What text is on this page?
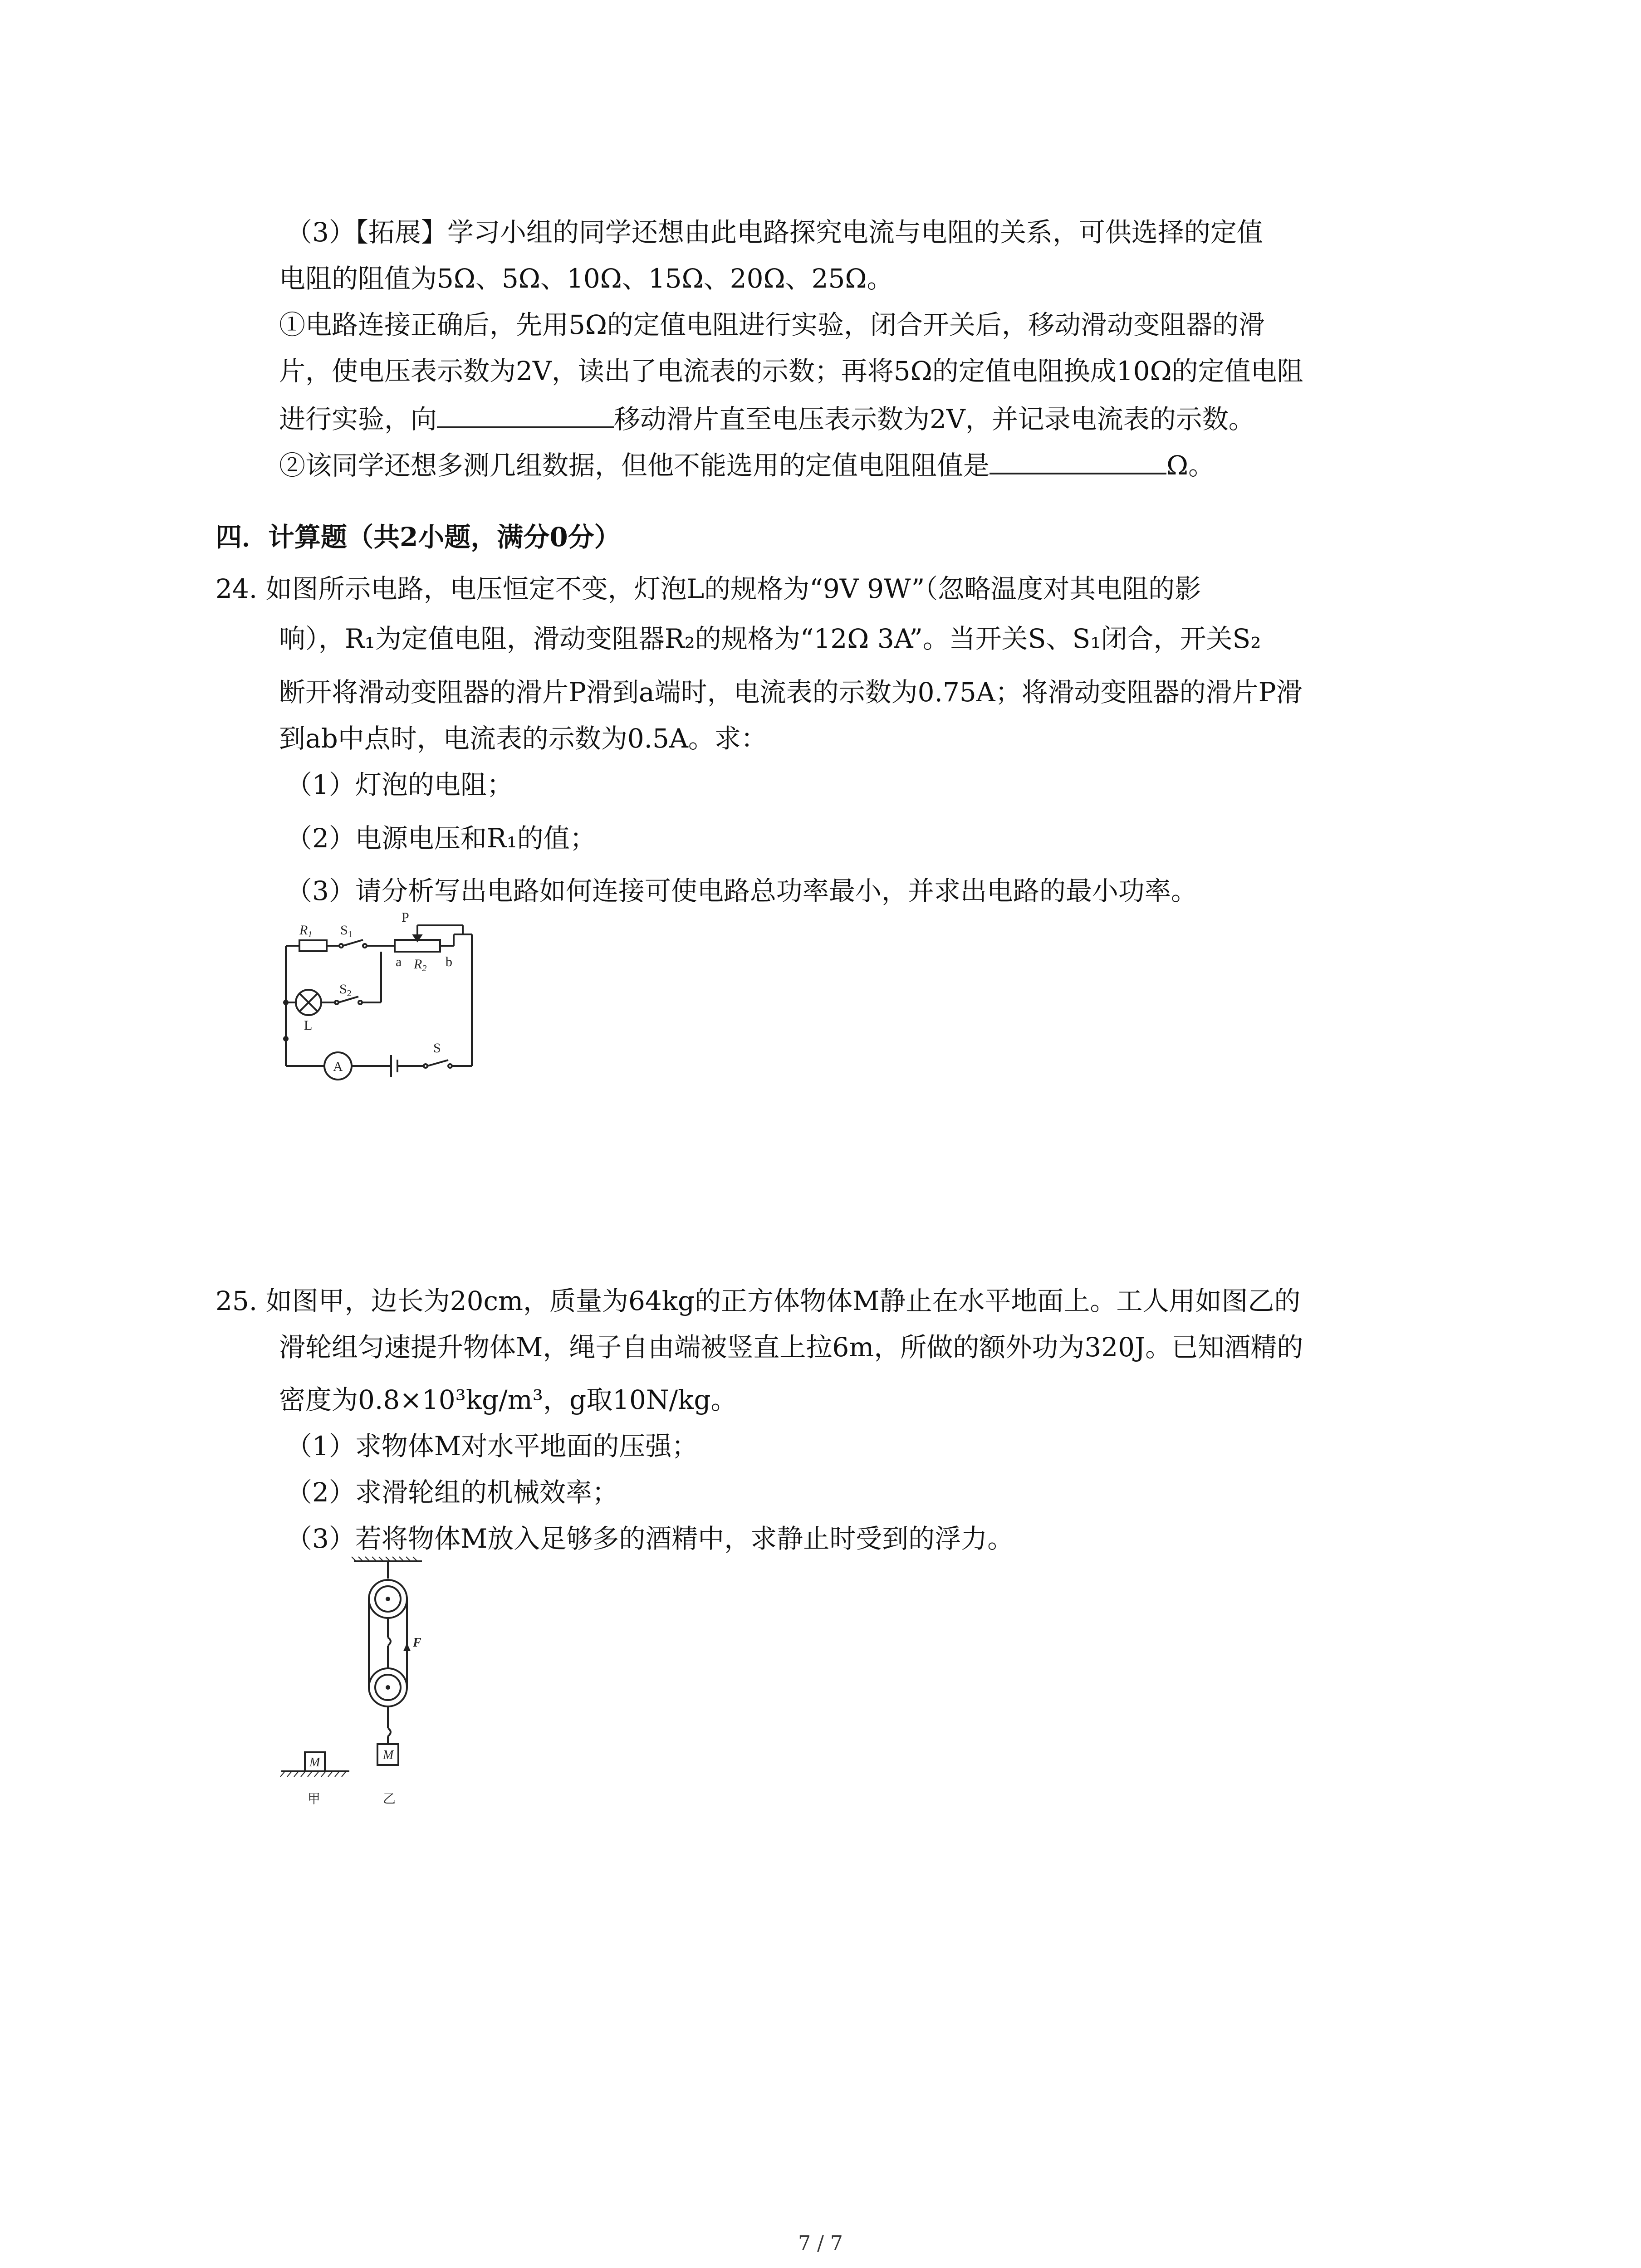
（3）【拓展】学习小组的同学还想由此电路探究电流与电阻的关系，可供选择的定值
电阻的阻值为5Ω、5Ω、10Ω、15Ω、20Ω、25Ω。
①电路连接正确后，先用5Ω的定值电阻进行实验，闭合开关后，移动滑动变阻器的滑
片，使电压表示数为2V，读出了电流表的示数；再将5Ω的定值电阻换成10Ω的定值电阻
进行实验，向	移动滑片直至电压表示数为2V，并记录电流表的示数。
②该同学还想多测几组数据，但他不能选用的定值电阻阻值是	Ω。
四．计算题（共2小题，满分0分）
24. 如图所示电路，电压恒定不变，灯泡L的规格为“9V 9W”（忽略温度对其电阻的影
响），R₁为定值电阻，滑动变阻器R₂的规格为“12Ω 3A”。当开关S、S₁闭合，开关S₂
断开将滑动变阻器的滑片P滑到a端时，电流表的示数为0.75A；将滑动变阻器的滑片P滑
到ab中点时，电流表的示数为0.5A。求：
（1）灯泡的电阻；
（2）电源电压和R₁的值；
（3）请分析写出电路如何连接可使电路总功率最小，并求出电路的最小功率。
$R_1$ $S_1$
P
a $R_2$ b
$S_2$
L
A
S
25. 如图甲，边长为20cm，质量为64kg的正方体物体M静止在水平地面上。工人用如图乙的
滑轮组匀速提升物体M，绳子自由端被竖直上拉6m，所做的额外功为320J。已知酒精的
密度为0.8×10³kg/m³，g取10N/kg。
（1）求物体M对水平地面的压强；
（2）求滑轮组的机械效率；
（3）若将物体M放入足够多的酒精中，求静止时受到的浮力。
M
M
F
甲	乙
7 / 7
